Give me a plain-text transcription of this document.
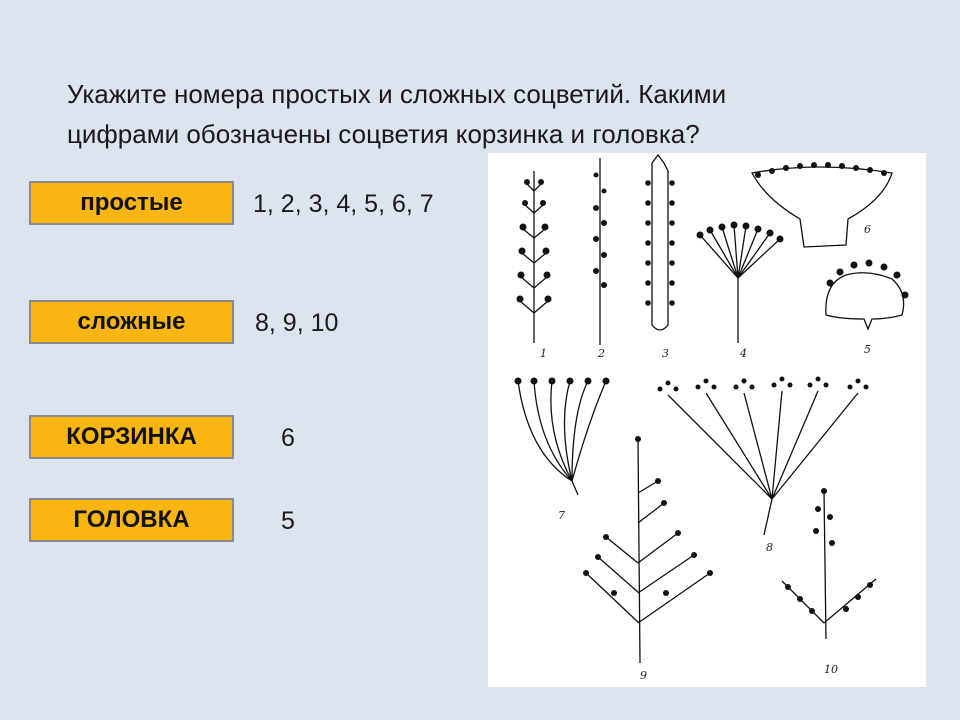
Укажите номера простых и сложных соцветий. Какими
цифрами обозначены соцветия корзинка и головка?
простые	1, 2, 3, 4, 5, 6, 7
сложные	8, 9, 10
КОРЗИНКА	6
ГОЛОВКА	5
1	2	3	4	5
6
7
8
9	10
